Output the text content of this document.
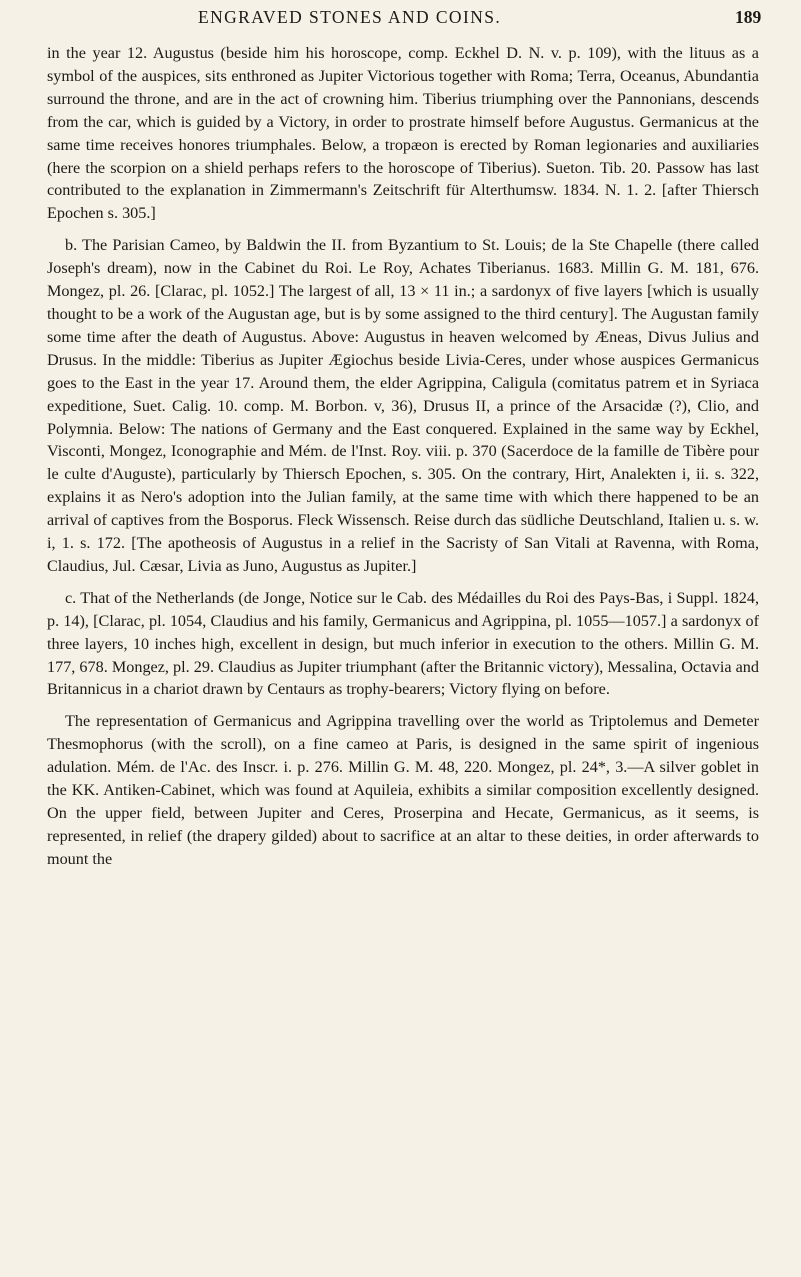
ENGRAVED STONES AND COINS.	189

in the year 12. Augustus (beside him his horoscope, comp. Eckhel D. N. v. p. 109), with the lituus as a symbol of the auspices, sits enthroned as Jupiter Victorious together with Roma; Terra, Oceanus, Abundantia surround the throne, and are in the act of crowning him. Tiberius triumphing over the Pannonians, descends from the car, which is guided by a Victory, in order to prostrate himself before Augustus. Germanicus at the same time receives honores triumphales. Below, a tropæon is erected by Roman legionaries and auxiliaries (here the scorpion on a shield perhaps refers to the horoscope of Tiberius). Sueton. Tib. 20. Passow has last contributed to the explanation in Zimmermann's Zeitschrift für Alterthumsw. 1834. N. 1. 2. [after Thiersch Epochen s. 305.]

b. The Parisian Cameo, by Baldwin the II. from Byzantium to St. Louis; de la Ste Chapelle (there called Joseph's dream), now in the Cabinet du Roi. Le Roy, Achates Tiberianus. 1683. Millin G. M. 181, 676. Mongez, pl. 26. [Clarac, pl. 1052.] The largest of all, 13 × 11 in.; a sardonyx of five layers [which is usually thought to be a work of the Augustan age, but is by some assigned to the third century]. The Augustan family some time after the death of Augustus. Above: Augustus in heaven welcomed by Æneas, Divus Julius and Drusus. In the middle: Tiberius as Jupiter Ægiochus beside Livia-Ceres, under whose auspices Germanicus goes to the East in the year 17. Around them, the elder Agrippina, Caligula (comitatus patrem et in Syriaca expeditione, Suet. Calig. 10. comp. M. Borbon. v, 36), Drusus II, a prince of the Arsacidæ (?), Clio, and Polymnia. Below: The nations of Germany and the East conquered. Explained in the same way by Eckhel, Visconti, Mongez, Iconographie and Mém. de l'Inst. Roy. viii. p. 370 (Sacerdoce de la famille de Tibère pour le culte d'Auguste), particularly by Thiersch Epochen, s. 305. On the contrary, Hirt, Analekten i, ii. s. 322, explains it as Nero's adoption into the Julian family, at the same time with which there happened to be an arrival of captives from the Bosporus. Fleck Wissensch. Reise durch das südliche Deutschland, Italien u. s. w. i, 1. s. 172. [The apotheosis of Augustus in a relief in the Sacristy of San Vitali at Ravenna, with Roma, Claudius, Jul. Cæsar, Livia as Juno, Augustus as Jupiter.]

c. That of the Netherlands (de Jonge, Notice sur le Cab. des Médailles du Roi des Pays-Bas, i Suppl. 1824, p. 14), [Clarac, pl. 1054, Claudius and his family, Germanicus and Agrippina, pl. 1055—1057.] a sardonyx of three layers, 10 inches high, excellent in design, but much inferior in execution to the others. Millin G. M. 177, 678. Mongez, pl. 29. Claudius as Jupiter triumphant (after the Britannic victory), Messalina, Octavia and Britannicus in a chariot drawn by Centaurs as trophy-bearers; Victory flying on before.

The representation of Germanicus and Agrippina travelling over the world as Triptolemus and Demeter Thesmophorus (with the scroll), on a fine cameo at Paris, is designed in the same spirit of ingenious adulation. Mém. de l'Ac. des Inscr. i. p. 276. Millin G. M. 48, 220. Mongez, pl. 24*, 3.—A silver goblet in the KK. Antiken-Cabinet, which was found at Aquileia, exhibits a similar composition excellently designed. On the upper field, between Jupiter and Ceres, Proserpina and Hecate, Germanicus, as it seems, is represented, in relief (the drapery gilded) about to sacrifice at an altar to these deities, in order afterwards to mount the
